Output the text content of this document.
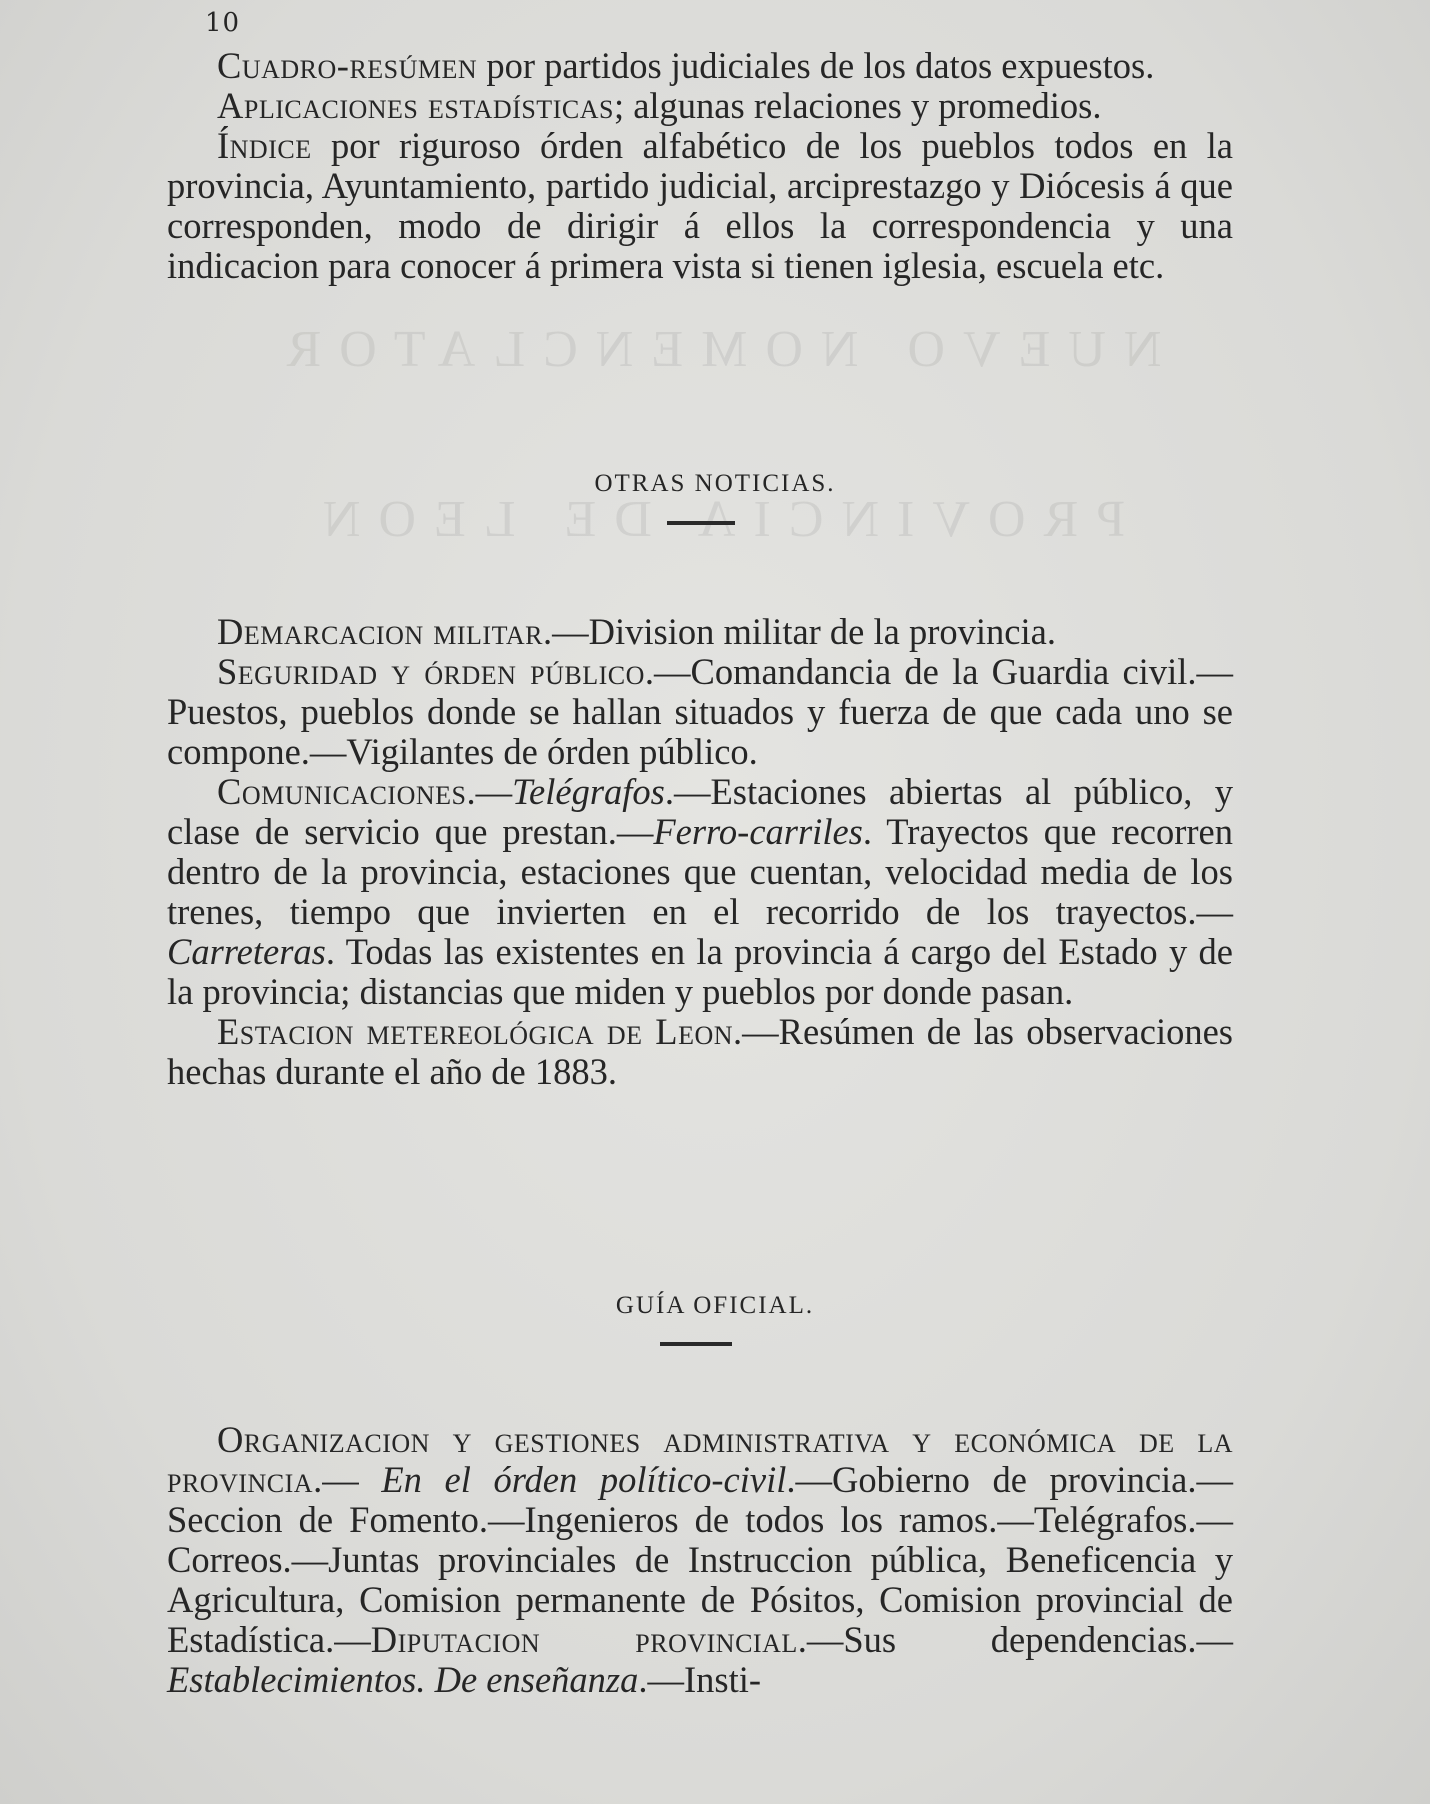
NUEVO NOMENCLATOR
PROVINCIA DE LEON
10

Cuadro-resúmen por partidos judiciales de los datos expuestos.

Aplicaciones estadísticas; algunas relaciones y promedios.

Índice por riguroso órden alfabético de los pueblos todos en la provincia, Ayuntamiento, partido judicial, arciprestazgo y Diócesis á que corresponden, modo de dirigir á ellos la correspondencia y una indicacion para conocer á primera vista si tienen iglesia, escuela etc.

OTRAS NOTICIAS.

Demarcacion militar.—Division militar de la provincia.

Seguridad y órden público.—Comandancia de la Guardia civil.—Puestos, pueblos donde se hallan situados y fuerza de que cada uno se compone.—Vigilantes de órden público.

Comunicaciones.—Telégrafos.—Estaciones abiertas al público, y clase de servicio que prestan.—Ferro-carriles. Trayectos que recorren dentro de la provincia, estaciones que cuentan, velocidad media de los trenes, tiempo que invierten en el recorrido de los trayectos.—Carreteras. Todas las existentes en la provincia á cargo del Estado y de la provincia; distancias que miden y pueblos por donde pasan.

Estacion metereológica de Leon.—Resúmen de las observaciones hechas durante el año de 1883.

GUÍA OFICIAL.

Organizacion y gestiones administrativa y económica de la provincia.— En el órden político-civil.—Gobierno de provincia.—Seccion de Fomento.—Ingenieros de todos los ramos.—Telégrafos.—Correos.—Juntas provinciales de Instruccion pública, Beneficencia y Agricultura, Comision permanente de Pósitos, Comision provincial de Estadística.—Diputacion provincial.—Sus dependencias.—Establecimientos. De enseñanza.—Insti-
